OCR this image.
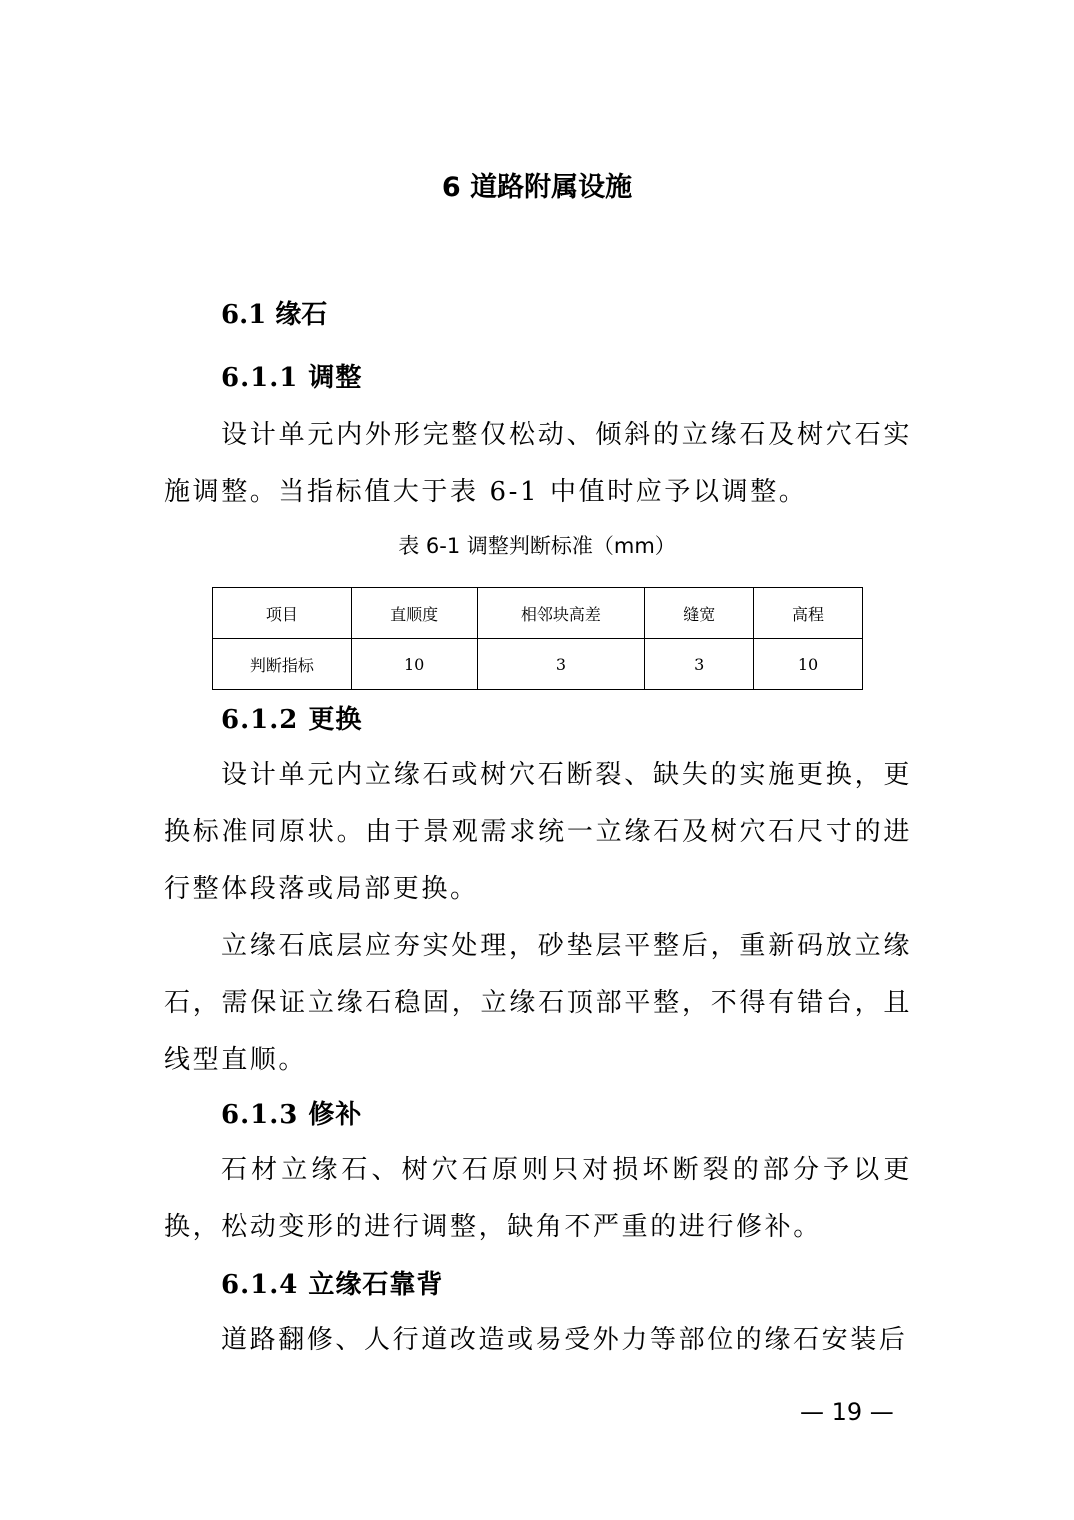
6 道路附属设施
6.1 缘石
6.1.1 调整

设计单元内外形完整仅松动、倾斜的立缘石及树穴石实施调整。当指标值大于表 6-1 中值时应予以调整。

表 6-1 调整判断标准（mm）
项目	直顺度	相邻块高差	缝宽	高程
判断指标	10	3	3	10
6.1.2 更换

设计单元内立缘石或树穴石断裂、缺失的实施更换，更换标准同原状。由于景观需求统一立缘石及树穴石尺寸的进行整体段落或局部更换。

立缘石底层应夯实处理，砂垫层平整后，重新码放立缘石，需保证立缘石稳固，立缘石顶部平整，不得有错台，且线型直顺。

6.1.3 修补

石材立缘石、树穴石原则只对损坏断裂的部分予以更换，松动变形的进行调整，缺角不严重的进行修补。

6.1.4 立缘石靠背

道路翻修、人行道改造或易受外力等部位的缘石安装后

— 19 —
